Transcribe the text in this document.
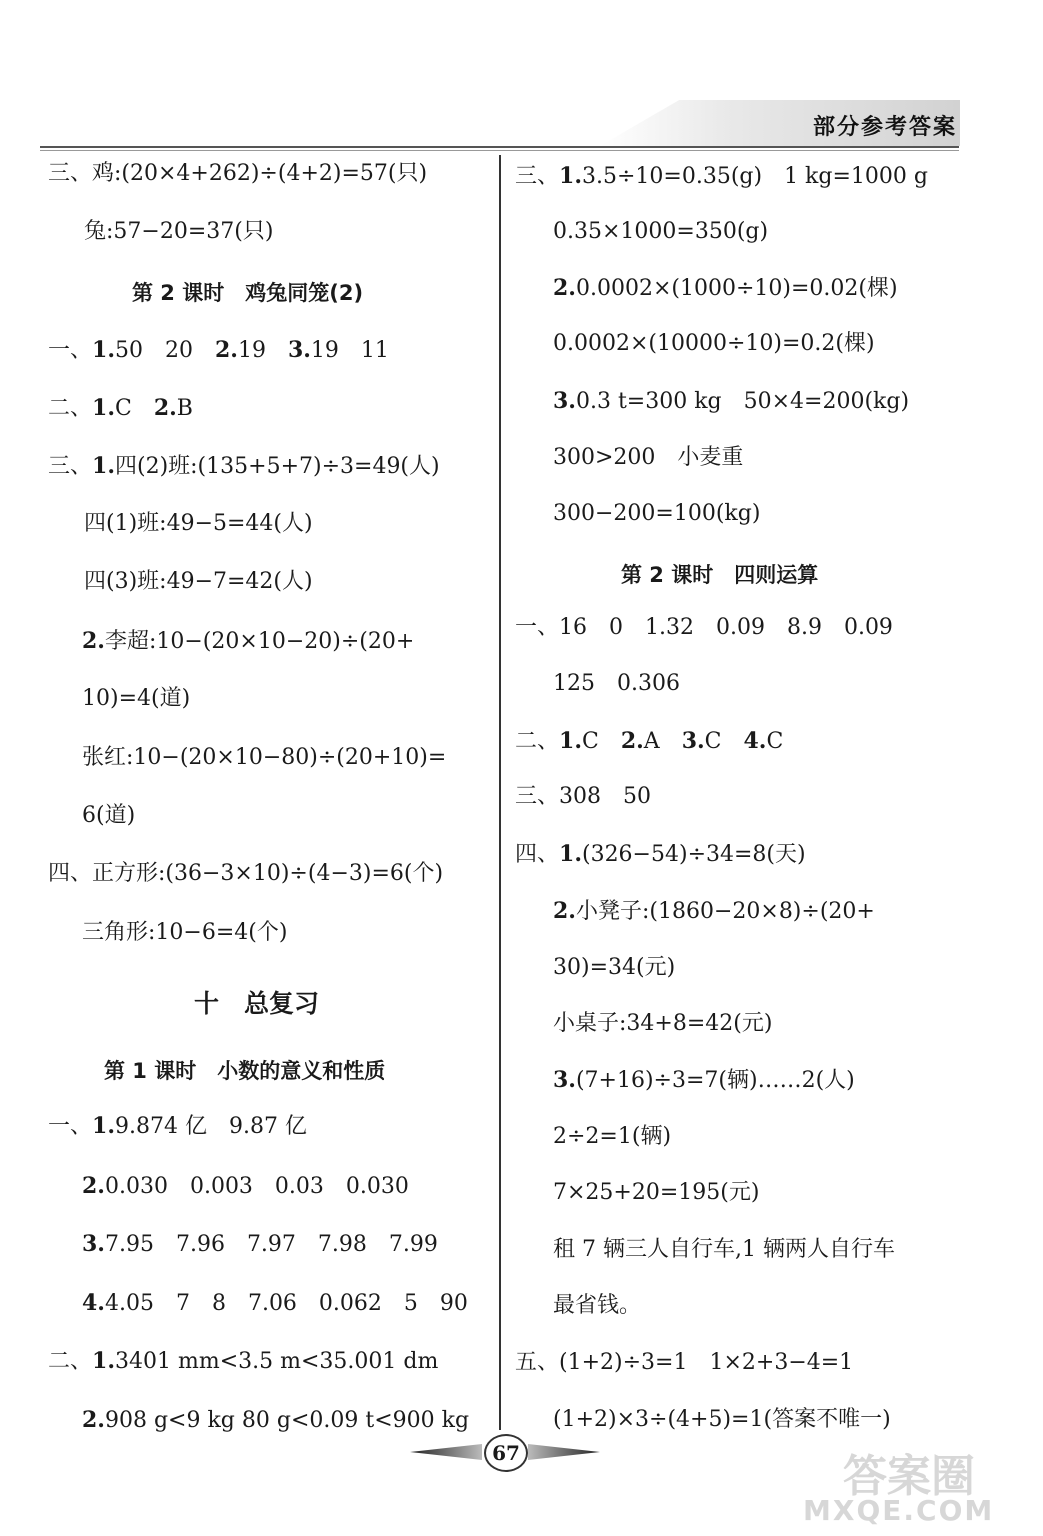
部分参考答案
三、鸡:(20×4+262)÷(4+2)=57(只)
兔:57−20=37(只)
第 2 课时　鸡兔同笼(2)
一、1.50　20　2.19　3.19　11
二、1.C　2.B
三、1.四(2)班:(135+5+7)÷3=49(人)
四(1)班:49−5=44(人)
四(3)班:49−7=42(人)
2.李超:10−(20×10−20)÷(20+
10)=4(道)
张红:10−(20×10−80)÷(20+10)=
6(道)
四、正方形:(36−3×10)÷(4−3)=6(个)
三角形:10−6=4(个)
十　总复习
第 1 课时　小数的意义和性质
一、1.9.874 亿　9.87 亿
2.0.030　0.003　0.03　0.030
3.7.95　7.96　7.97　7.98　7.99
4.4.05　7　8　7.06　0.062　5　90
二、1.3401 mm<3.5 m<35.001 dm
2.908 g<9 kg 80 g<0.09 t<900 kg
三、1.3.5÷10=0.35(g)　1 kg=1000 g
0.35×1000=350(g)
2.0.0002×(1000÷10)=0.02(棵)
0.0002×(10000÷10)=0.2(棵)
3.0.3 t=300 kg　50×4=200(kg)
300>200　小麦重
300−200=100(kg)
第 2 课时　四则运算
一、16　0　1.32　0.09　8.9　0.09
125　0.306
二、1.C　2.A　3.C　4.C
三、308　50
四、1.(326−54)÷34=8(天)
2.小凳子:(1860−20×8)÷(20+
30)=34(元)
小桌子:34+8=42(元)
3.(7+16)÷3=7(辆)……2(人)
2÷2=1(辆)
7×25+20=195(元)
租 7 辆三人自行车,1 辆两人自行车
最省钱。
五、(1+2)÷3=1　1×2+3−4=1
(1+2)×3÷(4+5)=1(答案不唯一)
67	答案圈
MXQE.COM
